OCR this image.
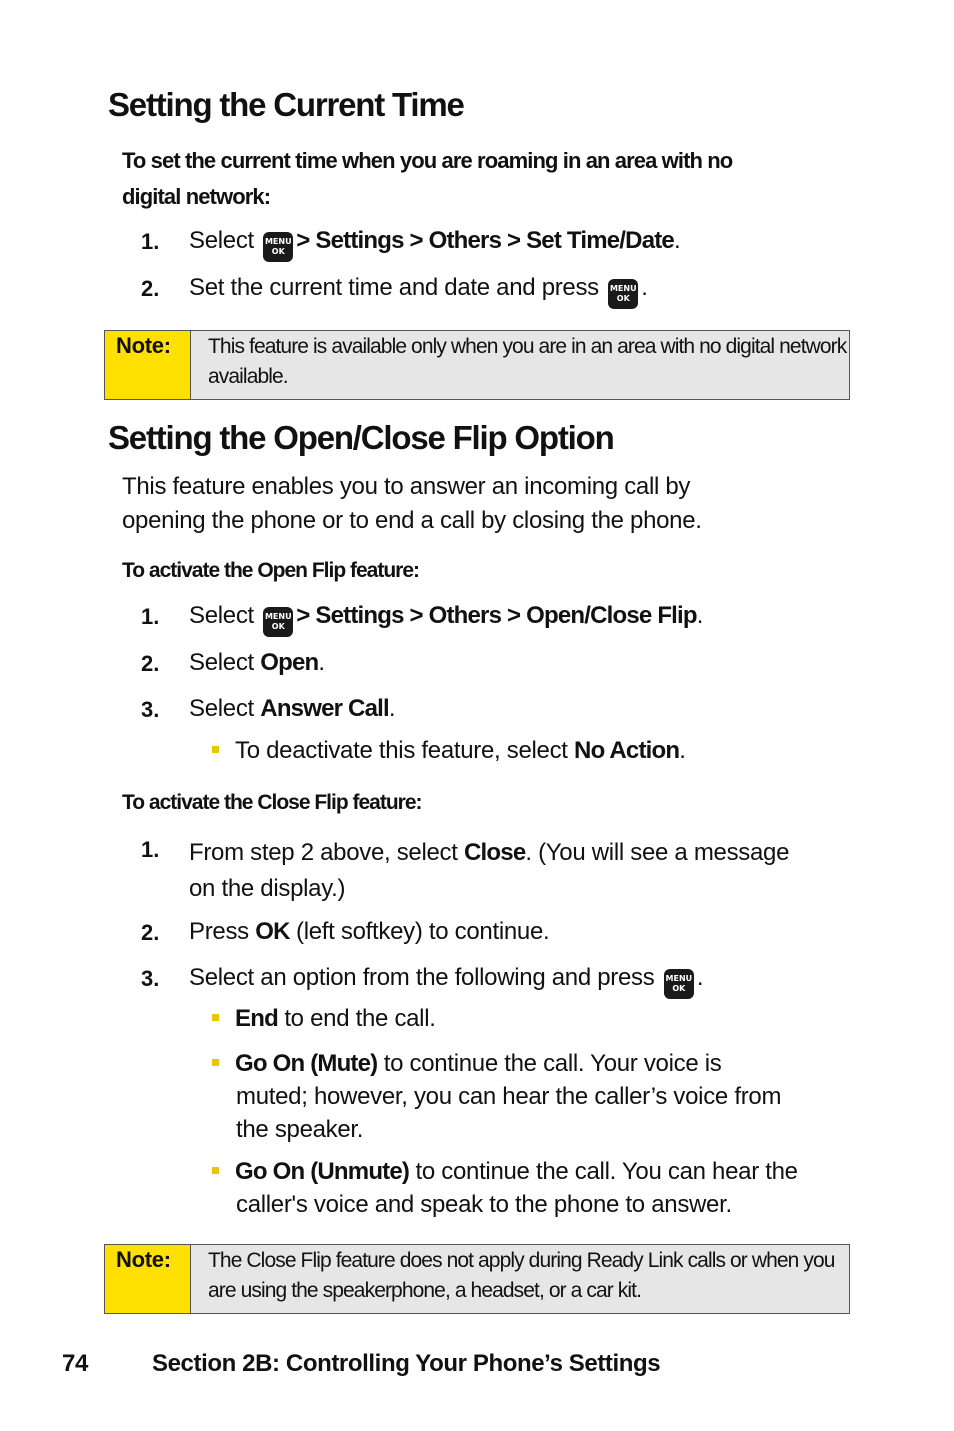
Setting the Current Time
To set the current time when you are roaming in an area with no
digital network:
1. Select MENU
OK > Settings > Others > Set Time/Date.
2. Set the current time and date and press MENU
OK .
Note:	This feature is available only when you are in an area with no digital network available.
Setting the Open/Close Flip Option
This feature enables you to answer an incoming call by
opening the phone or to end a call by closing the phone.
To activate the Open Flip feature:
1. Select MENU
OK > Settings > Others > Open/Close Flip.
2. Select Open.
3. Select Answer Call.
To deactivate this feature, select No Action.
To activate the Close Flip feature:
1. From step 2 above, select Close. (You will see a message
on the display.)
2. Press OK (left softkey) to continue.
3. Select an option from the following and press MENU
OK .
End to end the call.
Go On (Mute) to continue the call. Your voice is
muted; however, you can hear the caller’s voice from
the speaker.
Go On (Unmute) to continue the call. You can hear the
caller's voice and speak to the phone to answer.
Note:	The Close Flip feature does not apply during Ready Link calls or when you are using the speakerphone, a headset, or a car kit.
74	Section 2B: Controlling Your Phone’s Settings
